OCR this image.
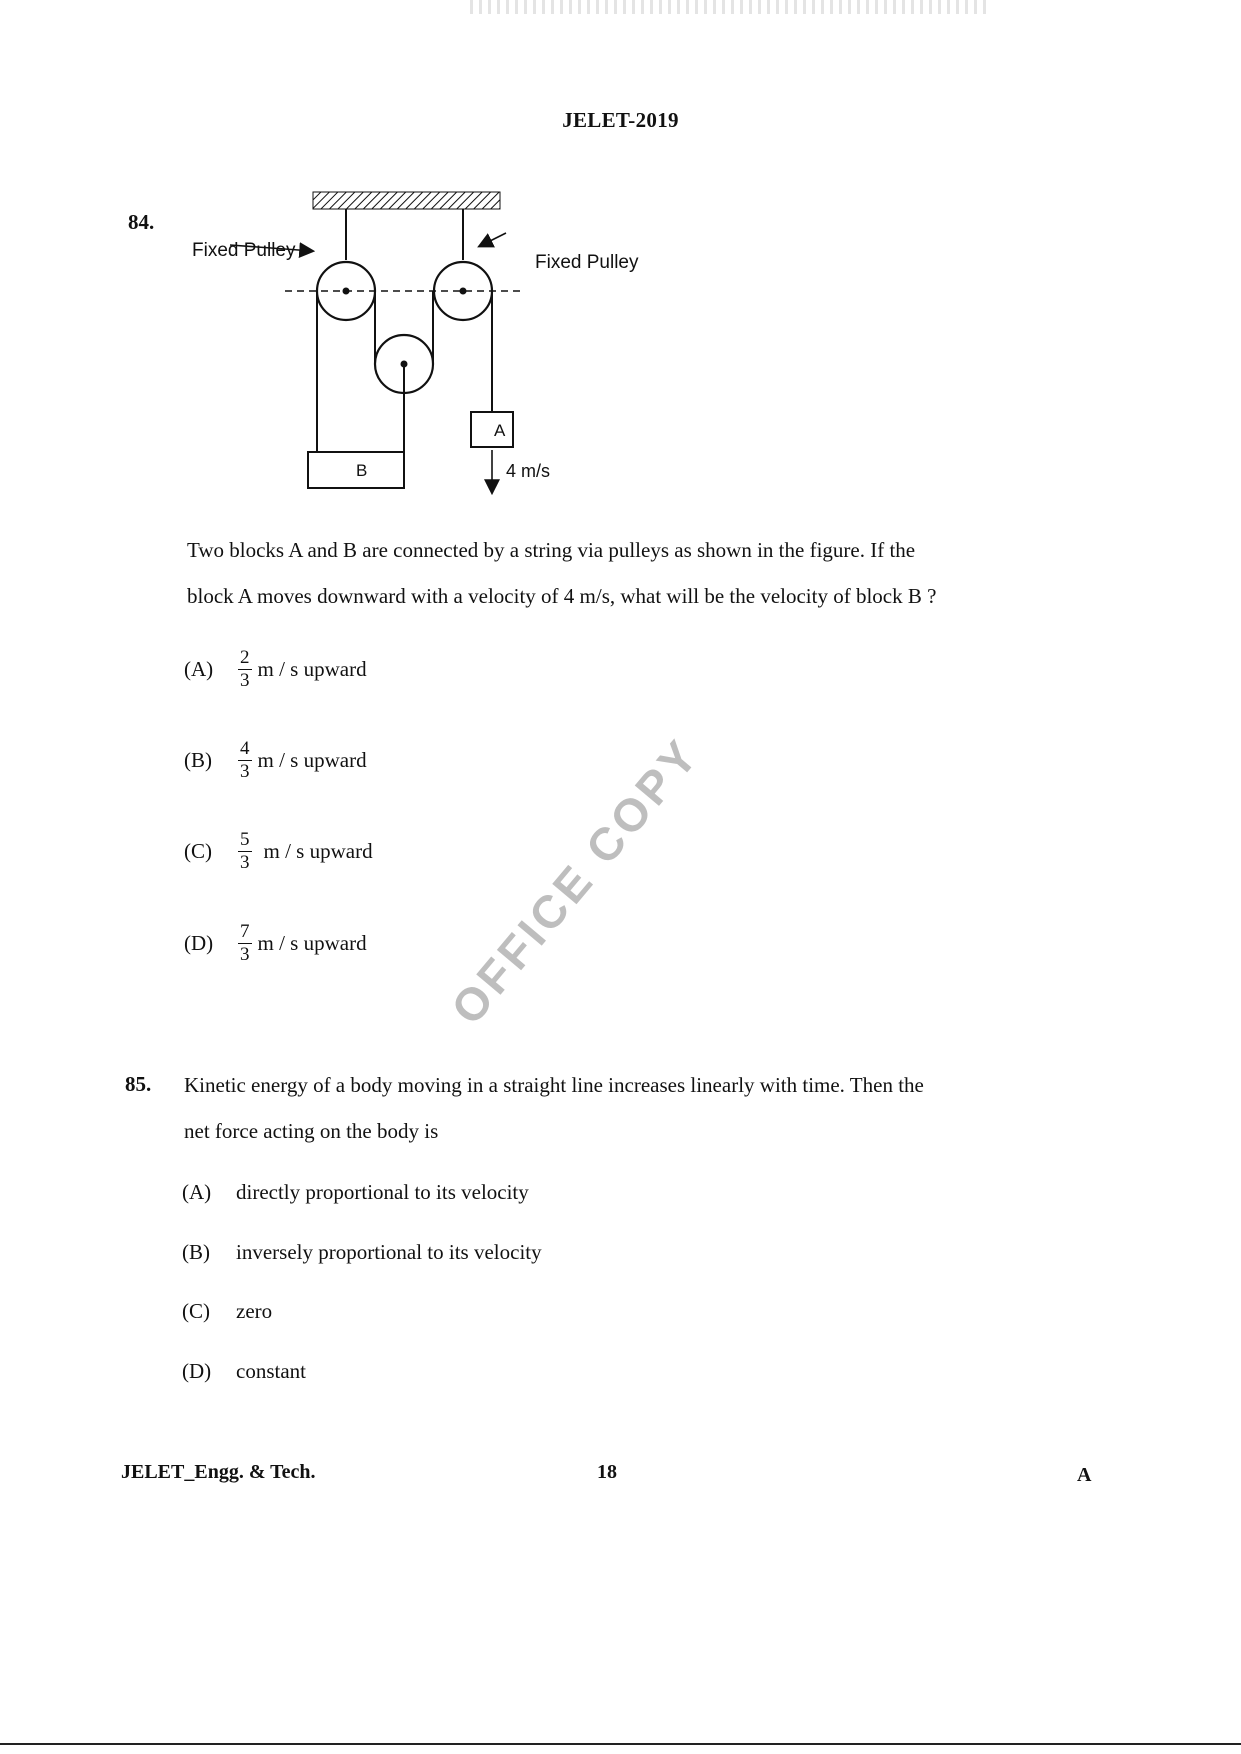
JELET-2019
84.
Fixed Pulley
Fixed Pulley
A
B	4 m/s
Two blocks A and B are connected by a string via pulleys as shown in the figure. If the
block A moves downward with a velocity of 4 m/s, what will be the velocity of block B ?
(A)	$\frac{2}{3}$ m / s upward
(B)	$\frac{4}{3}$ m / s upward
(C)	$\frac{5}{3}$ m / s upward
(D)	$\frac{7}{3}$ m / s upward OFFICE COPY
85. Kinetic energy of a body moving in a straight line increases linearly with time. Then the
net force acting on the body is
(A)	directly proportional to its velocity
(B)	inversely proportional to its velocity
(C)	zero
(D)	constant
JELET_Engg. & Tech.	18	A
